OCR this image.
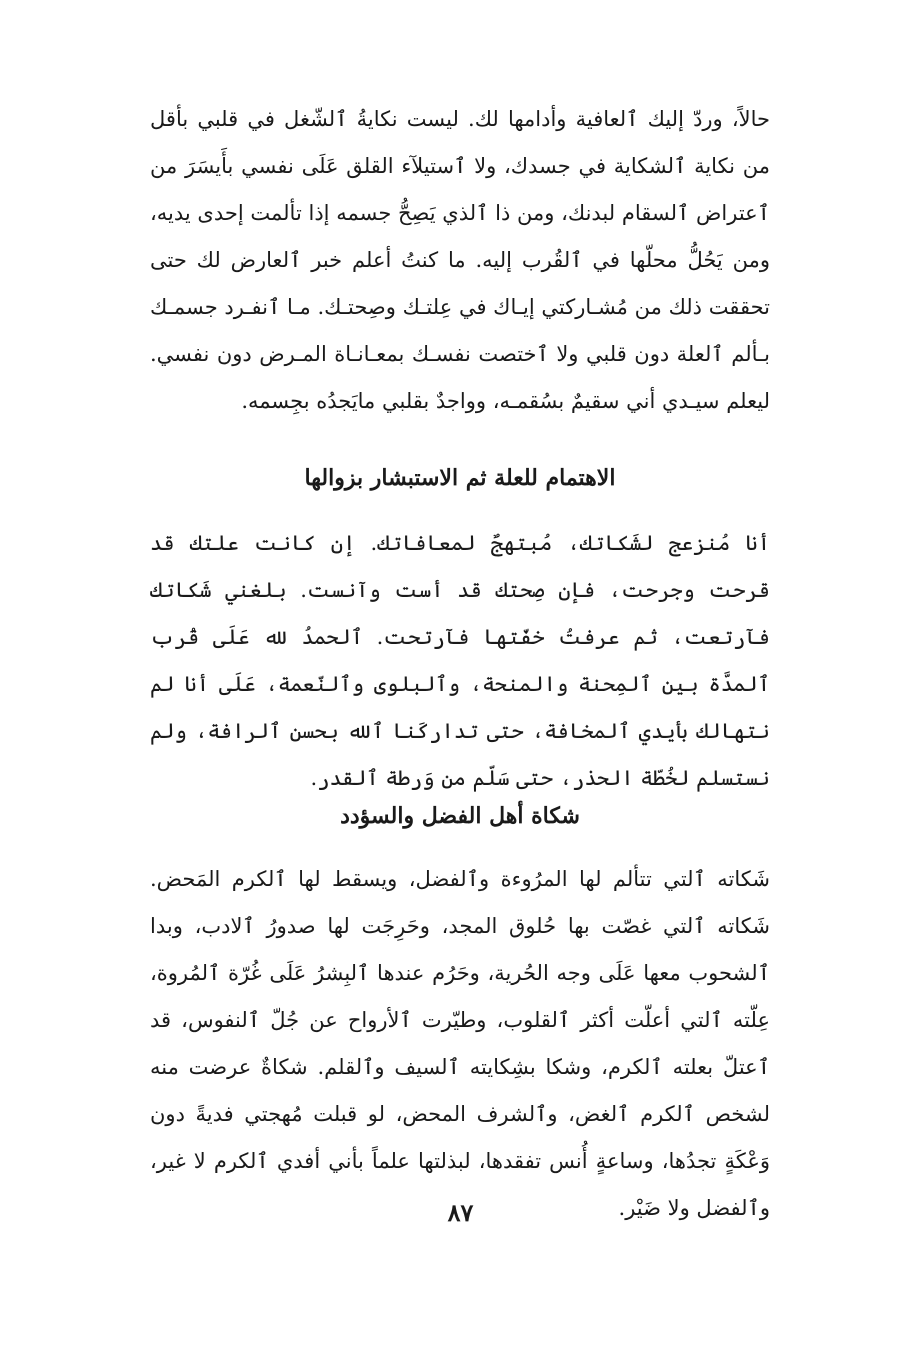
حالاً، وردّ إليك ٱلعافية وأدامها لك. ليست نكايةُ ٱلشّغل في قلبي بأقل من نكاية ٱلشكاية في جسدك، ولا ٱستيلآء القلق عَلَى نفسي بأَيسَرَ من ٱعتراض ٱلسقام لبدنك، ومن ذا ٱلذي يَصِحُّ جسمه إذا تألمت إحدى يديه، ومن يَحُلُّ محلّها في ٱلقُرب إليه. ما كنتُ أعلم خبر ٱلعارض لك حتى تحققت ذلك من مُشـاركتي إيـاك في عِلتـك وصِحتـك. مـا ٱنفـرد جسمـك بـألم ٱلعلة دون قلبي ولا ٱختصت نفسـك بمعـانـاة المـرض دون نفسي. ليعلم سيـدي أني سقيمٌ بسُقمـه، وواجدٌ بقلبي مايَجدُه بجِسمه.

الاهتمام للعلة ثم الاستبشار بزوالها

أنا مُنزعج لشَكاتك، مُبتهجٌ لمعافاتك. إن كانت علتك قد قرحت وجرحت، فإن صِحتك قد أست وآنست. بلغني شَكاتك فآرتعت، ثم عرفتُ خفّتها فآرتحت. ٱلحمدُ لله عَلَى قُرب ٱلمدَّة بين ٱلمِحنة والمنحة، وٱلبلوى وٱلنّعمة، عَلَى أنا لم نتهالك بأيدي ٱلمخافة، حتى تداركَنا ٱلله بحسن ٱلرافة، ولم نستسلم لخُطّة الحذر، حتى سَلّم من وَرطة ٱلقدر.

شكاة أهل الفضل والسؤدد

شَكاته ٱلتي تتألم لها المرُوءة وٱلفضل، ويسقط لها ٱلكرم المَحض. شَكاته ٱلتي غصّت بها حُلوق المجد، وحَرِجَت لها صدورُ ٱلادب، وبدا ٱلشحوب معها عَلَى وجه الحُرية، وحَرُم عندها ٱلبِشرُ عَلَى غُرّة ٱلمُروة، عِلّته ٱلتي أعلّت أكثر ٱلقلوب، وطيّرت ٱلأرواح عن جُلّ ٱلنفوس، قد ٱعتلّ بعلته ٱلكرم، وشكا بشِكايته ٱلسيف وٱلقلم. شكاةٌ عرضت منه لشخص ٱلكرم ٱلغض، وٱلشرف المحض، لو قبلت مُهجتي فديةً دون وَعْكَةٍ تجدُها، وساعةٍ أُنس تفقدها، لبذلتها علماً بأني أفدي ٱلكرم لا غير، وٱلفضل ولا ضَيْر.

٨٧
